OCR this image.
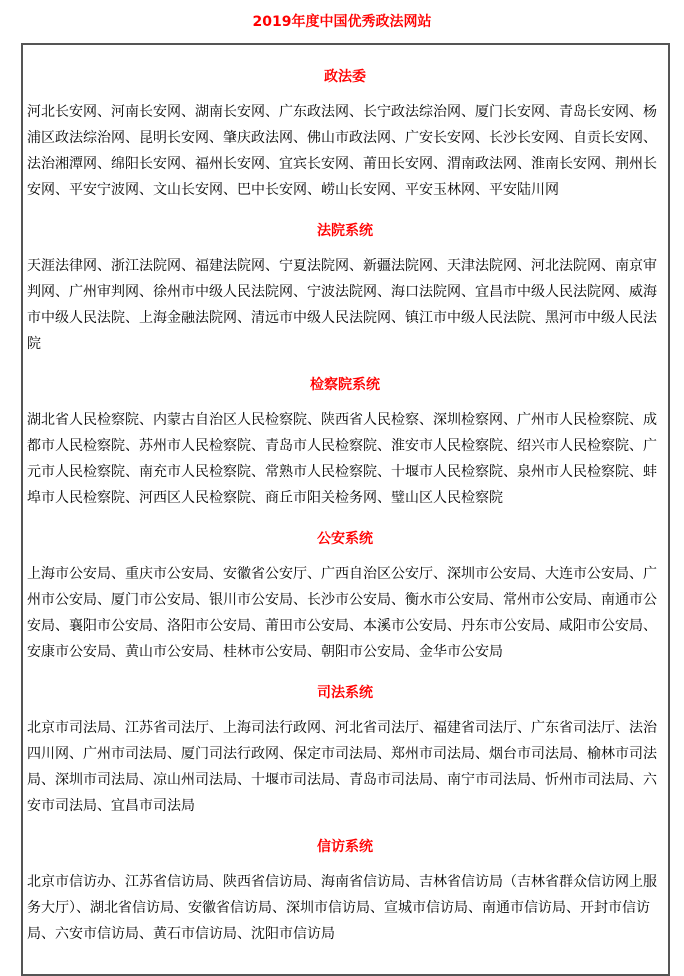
2019年度中国优秀政法网站

政法委

河北长安网、河南长安网、湖南长安网、广东政法网、长宁政法综治网、厦门长安网、青岛长安网、杨浦区政法综治网、昆明长安网、肇庆政法网、佛山市政法网、广安长安网、长沙长安网、自贡长安网、法治湘潭网、绵阳长安网、福州长安网、宜宾长安网、莆田长安网、渭南政法网、淮南长安网、荆州长安网、平安宁波网、文山长安网、巴中长安网、崂山长安网、平安玉林网、平安陆川网

法院系统

天涯法律网、浙江法院网、福建法院网、宁夏法院网、新疆法院网、天津法院网、河北法院网、南京审判网、广州审判网、徐州市中级人民法院网、宁波法院网、海口法院网、宜昌市中级人民法院网、威海市中级人民法院、上海金融法院网、清远市中级人民法院网、镇江市中级人民法院、黑河市中级人民法院

检察院系统

湖北省人民检察院、内蒙古自治区人民检察院、陕西省人民检察、深圳检察网、广州市人民检察院、成都市人民检察院、苏州市人民检察院、青岛市人民检察院、淮安市人民检察院、绍兴市人民检察院、广元市人民检察院、南充市人民检察院、常熟市人民检察院、十堰市人民检察院、泉州市人民检察院、蚌埠市人民检察院、河西区人民检察院、商丘市阳关检务网、璧山区人民检察院

公安系统

上海市公安局、重庆市公安局、安徽省公安厅、广西自治区公安厅、深圳市公安局、大连市公安局、广州市公安局、厦门市公安局、银川市公安局、长沙市公安局、衡水市公安局、常州市公安局、南通市公安局、襄阳市公安局、洛阳市公安局、莆田市公安局、本溪市公安局、丹东市公安局、咸阳市公安局、安康市公安局、黄山市公安局、桂林市公安局、朝阳市公安局、金华市公安局

司法系统

北京市司法局、江苏省司法厅、上海司法行政网、河北省司法厅、福建省司法厅、广东省司法厅、法治四川网、广州市司法局、厦门司法行政网、保定市司法局、郑州市司法局、烟台市司法局、榆林市司法局、深圳市司法局、凉山州司法局、十堰市司法局、青岛市司法局、南宁市司法局、忻州市司法局、六安市司法局、宜昌市司法局

信访系统

北京市信访办、江苏省信访局、陕西省信访局、海南省信访局、吉林省信访局（吉林省群众信访网上服务大厅）、湖北省信访局、安徽省信访局、深圳市信访局、宣城市信访局、南通市信访局、开封市信访局、六安市信访局、黄石市信访局、沈阳市信访局
